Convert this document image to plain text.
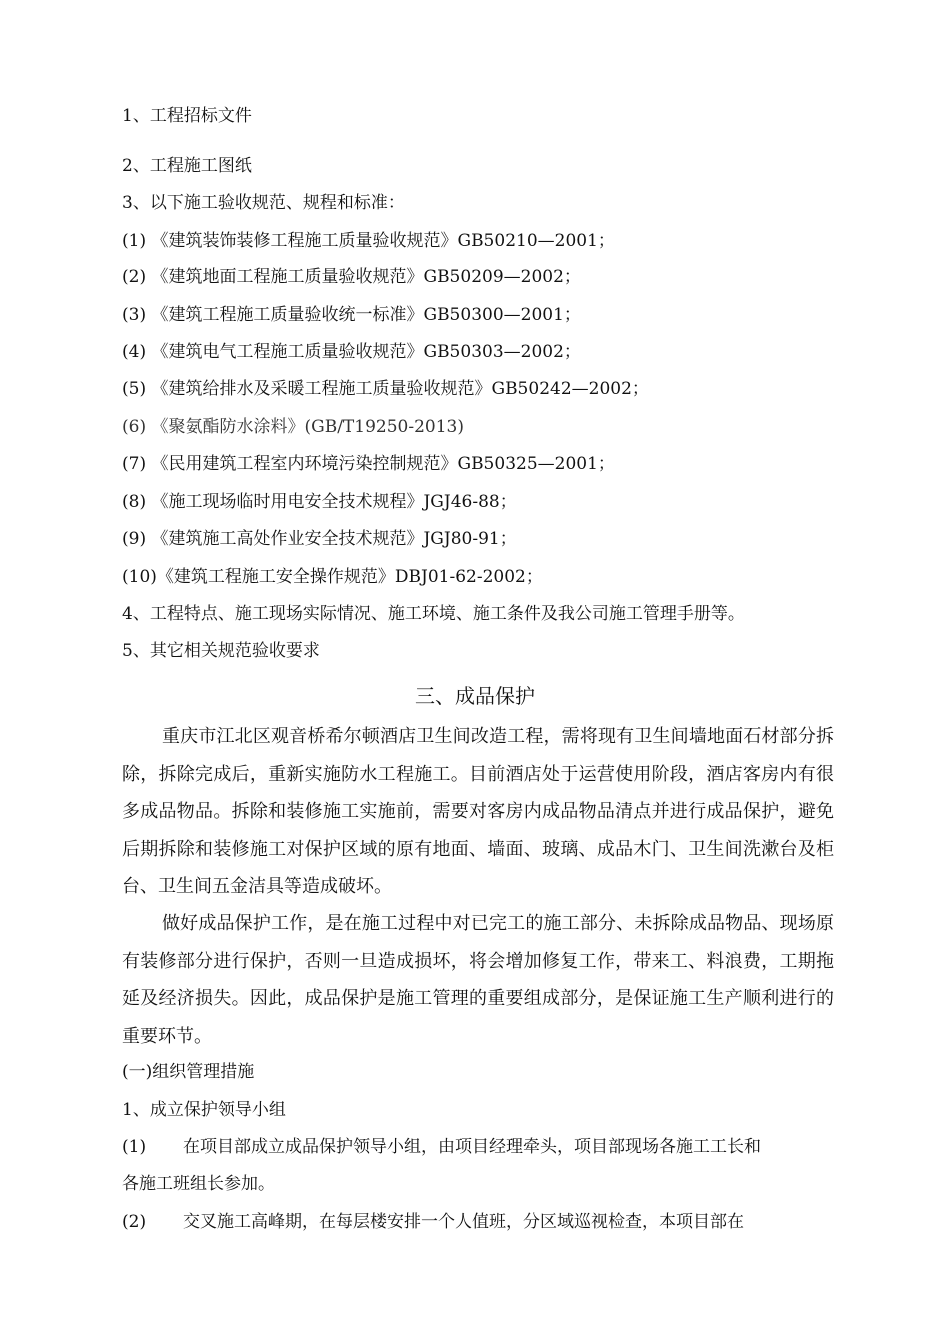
1、工程招标文件
2、工程施工图纸
3、以下施工验收规范、规程和标准：
(1) 《建筑装饰装修工程施工质量验收规范》GB50210—2001；
(2) 《建筑地面工程施工质量验收规范》GB50209—2002；
(3) 《建筑工程施工质量验收统一标准》GB50300—2001；
(4) 《建筑电气工程施工质量验收规范》GB50303—2002；
(5) 《建筑给排水及采暖工程施工质量验收规范》GB50242—2002；
(6) 《聚氨酯防水涂料》(GB/T19250-2013)
(7) 《民用建筑工程室内环境污染控制规范》GB50325—2001；
(8) 《施工现场临时用电安全技术规程》JGJ46-88；
(9) 《建筑施工高处作业安全技术规范》JGJ80-91；
(10)《建筑工程施工安全操作规范》DBJ01-62-2002；
4、工程特点、施工现场实际情况、施工环境、施工条件及我公司施工管理手册等。
5、其它相关规范验收要求
三、成品保护
重庆市江北区观音桥希尔顿酒店卫生间改造工程，需将现有卫生间墙地面石材部分拆除，拆除完成后，重新实施防水工程施工。目前酒店处于运营使用阶段，酒店客房内有很多成品物品。拆除和装修施工实施前，需要对客房内成品物品清点并进行成品保护，避免后期拆除和装修施工对保护区域的原有地面、墙面、玻璃、成品木门、卫生间洗漱台及柜台、卫生间五金洁具等造成破坏。
做好成品保护工作，是在施工过程中对已完工的施工部分、未拆除成品物品、现场原有装修部分进行保护，否则一旦造成损坏，将会增加修复工作，带来工、料浪费，工期拖延及经济损失。因此，成品保护是施工管理的重要组成部分，是保证施工生产顺利进行的重要环节。
(一)组织管理措施
1、成立保护领导小组
(1) 在项目部成立成品保护领导小组，由项目经理牵头，项目部现场各施工工长和
各施工班组长参加。
(2) 交叉施工高峰期，在每层楼安排一个人值班，分区域巡视检查，本项目部在
